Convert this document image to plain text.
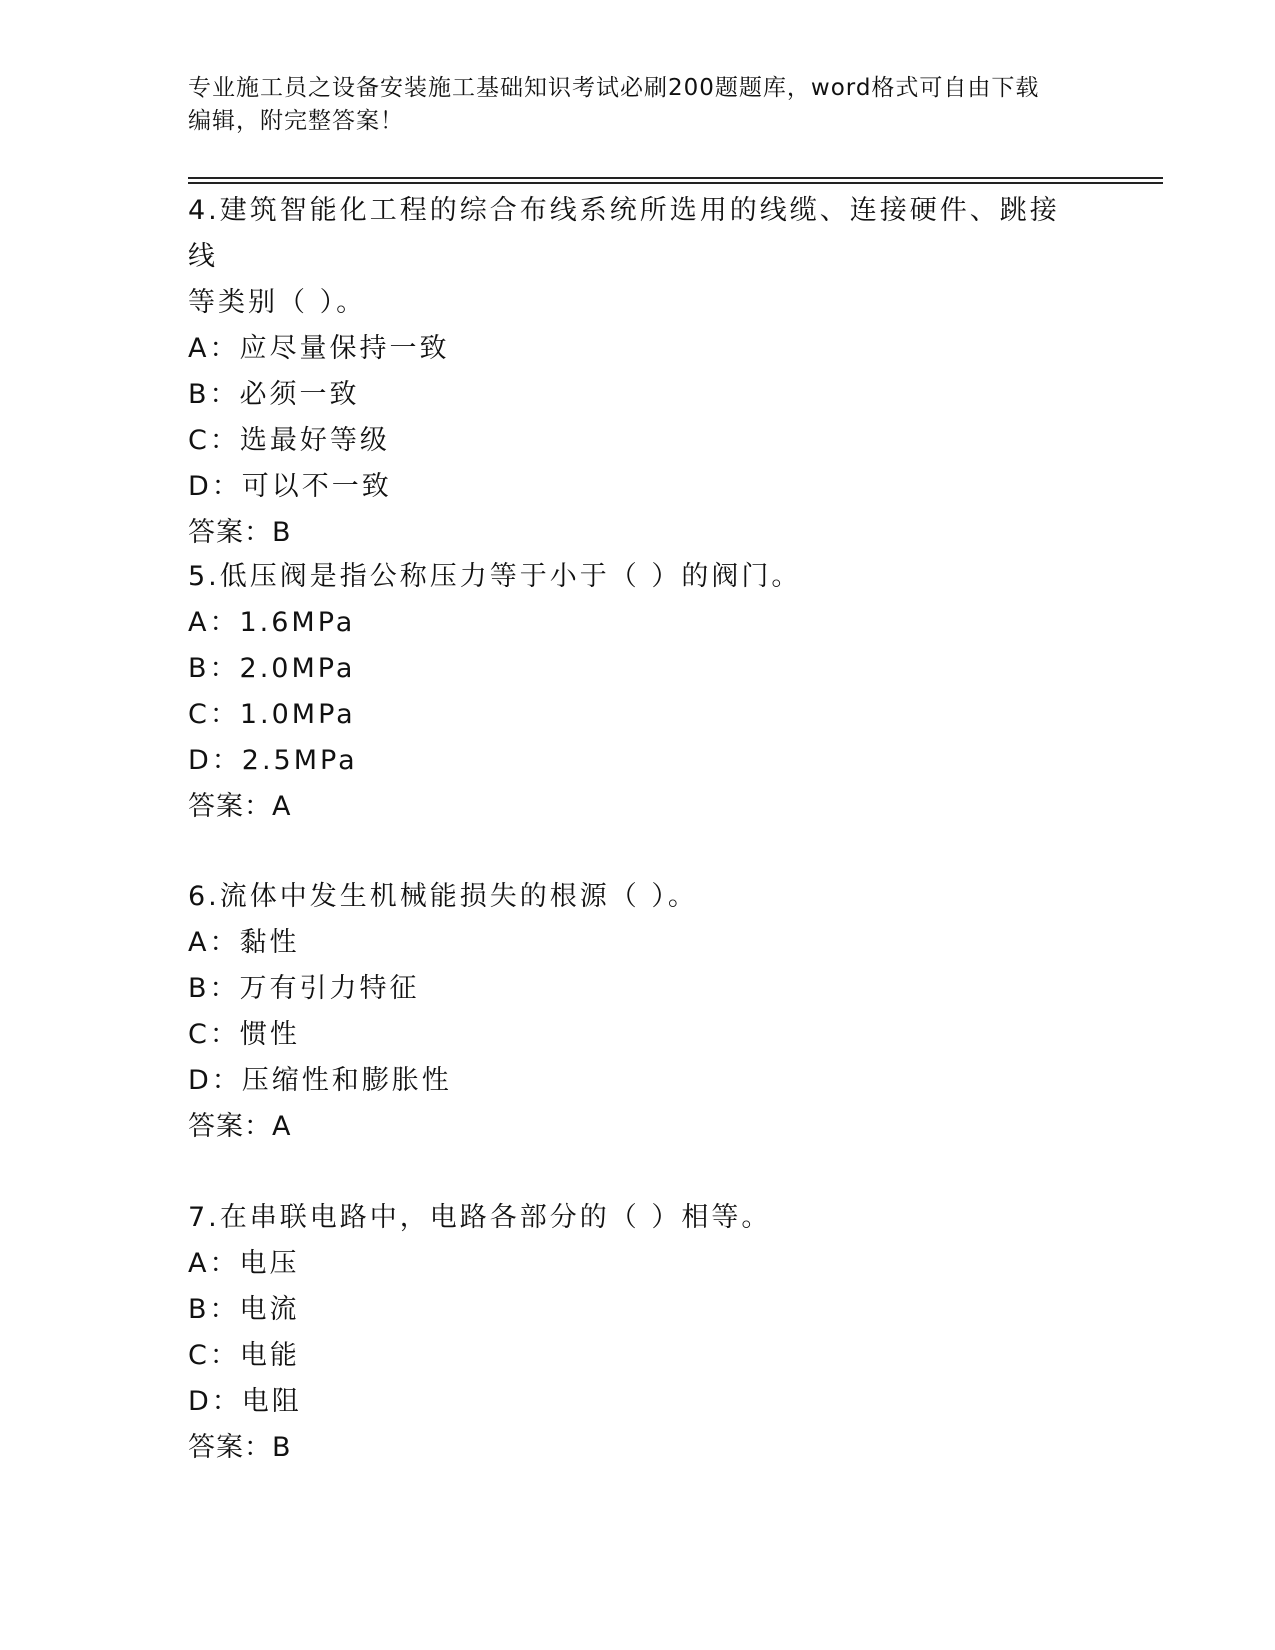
专业施工员之设备安装施工基础知识考试必刷200题题库，word格式可自由下载
编辑，附完整答案！

4.建筑智能化工程的综合布线系统所选用的线缆、连接硬件、跳接线

等类别（ ）。

A：应尽量保持一致

B：必须一致

C：选最好等级

D：可以不一致

答案：B

5.低压阀是指公称压力等于小于（ ）的阀门。

A：1.6MPa

B：2.0MPa

C：1.0MPa

D：2.5MPa

答案：A

6.流体中发生机械能损失的根源（ ）。

A：黏性

B：万有引力特征

C：惯性

D：压缩性和膨胀性

答案：A

7.在串联电路中，电路各部分的（ ）相等。

A：电压

B：电流

C：电能

D：电阻

答案：B
